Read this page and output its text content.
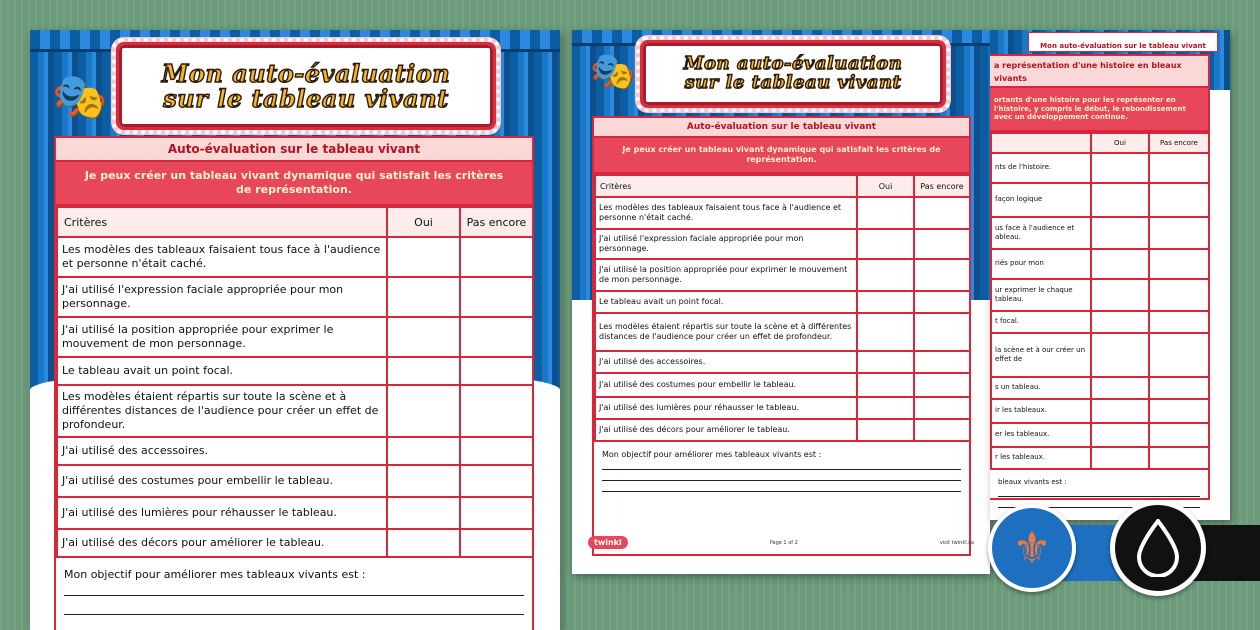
🎭 Mon auto-évaluation
sur le tableau vivant
Auto-évaluation sur le tableau vivant
Je peux créer un tableau vivant dynamique qui satisfait les critères de représentation.
Critères	Oui	Pas encore
Les modèles des tableaux faisaient tous face à l'audience et personne n'était caché.		
J'ai utilisé l'expression faciale appropriée pour mon personnage.		
J'ai utilisé la position appropriée pour exprimer le mouvement de mon personnage.		
Le tableau avait un point focal.		
Les modèles étaient répartis sur toute la scène et à différentes distances de l'audience pour créer un effet de profondeur.		
J'ai utilisé des accessoires.		
J'ai utilisé des costumes pour embellir le tableau.		
J'ai utilisé des lumières pour réhausser le tableau.		
J'ai utilisé des décors pour améliorer le tableau.		
Mon objectif pour améliorer mes tableaux vivants est :
🎭	Mon auto-évaluation
sur le tableau vivant
Auto-évaluation sur le tableau vivant
Je peux créer un tableau vivant dynamique qui satisfait les critères de représentation.
Critères	Oui	Pas encore
Les modèles des tableaux faisaient tous face à l'audience et personne n'était caché.		
J'ai utilisé l'expression faciale appropriée pour mon personnage.		
J'ai utilisé la position appropriée pour exprimer le mouvement de mon personnage.		
Le tableau avait un point focal.		
Les modèles étaient répartis sur toute la scène et à différentes distances de l'audience pour créer un effet de profondeur.		
J'ai utilisé des accessoires.		
J'ai utilisé des costumes pour embellir le tableau.		
J'ai utilisé des lumières pour réhausser le tableau.		
J'ai utilisé des décors pour améliorer le tableau.		
Mon objectif pour améliorer mes tableaux vivants est :
twinkl	Page 1 of 2	visit twinkl.ca
Mon auto-évaluation sur le tableau vivant
a représentation d'une histoire en bleaux vivants
ortants d'une histoire pour les représenter en l'histoire, y compris le début, le rebondissement avec un développement continue.
	Oui	Pas encore
nts de l'histoire.		
façon logique		
us face à l'audience et ableau.		
riés pour mon		
ur exprimer le chaque tableau.		
t focal.		
la scène et à our créer un effet de		
s un tableau.		
ir les tableaux.		
er les tableaux.		
r les tableaux.		
bleaux vivants est :
⚜
